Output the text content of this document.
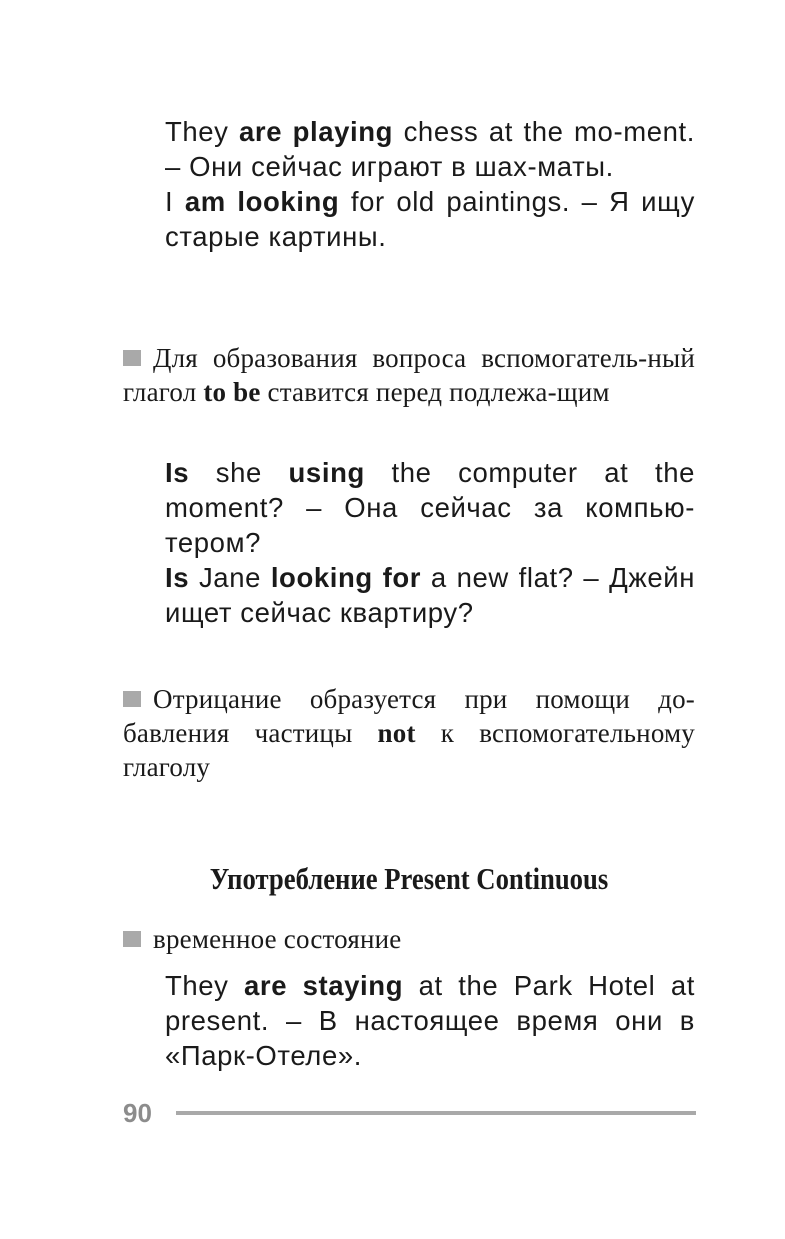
They are playing chess at the mo-ment. – Они сейчас играют в шах-маты.
I am looking for old paintings. – Я ищу старые картины.
Для образования вопроса вспомогатель-ный глагол to be ставится перед подлежа-щим
Is she using the computer at the moment? – Она сейчас за компью-тером?
Is Jane looking for a new flat? – Джейн ищет сейчас квартиру?
Отрицание образуется при помощи до-бавления частицы not к вспомогательному глаголу
Употребление Present Continuous
временное состояние
They are staying at the Park Hotel at present. – В настоящее время они в «Парк-Отеле».
90
